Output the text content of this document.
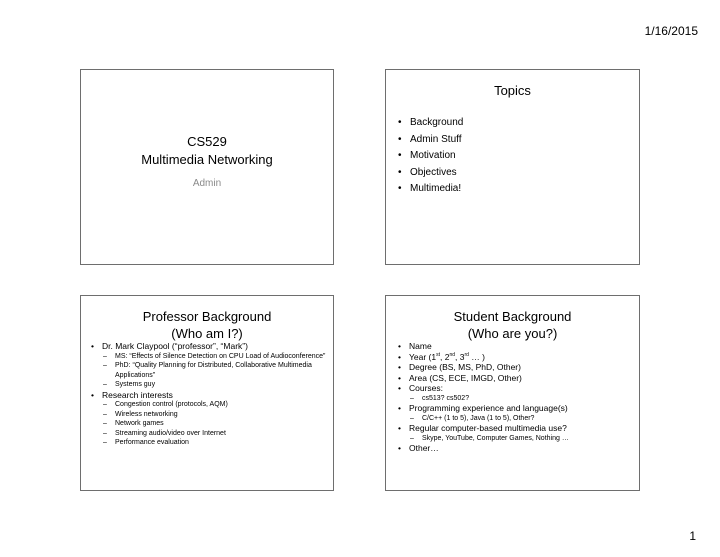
1/16/2015
CS529
Multimedia Networking
Admin
Topics
• Background
• Admin Stuff
• Motivation
• Objectives
• Multimedia!
Professor Background
(Who am I?)
• Dr. Mark Claypool (“professor”, “Mark”)
– MS: “Effects of Silence Detection on CPU Load of Audioconference”
– PhD: “Quality Planning for Distributed, Collaborative Multimedia Applications”
– Systems guy
• Research interests
– Congestion control (protocols, AQM)
– Wireless networking
– Network games
– Streaming audio/video over Internet
– Performance evaluation
Student Background
(Who are you?)
• Name
• Year (1st, 2nd, 3rd … )
• Degree (BS, MS, PhD, Other)
• Area (CS, ECE, IMGD, Other)
• Courses:
– cs513? cs502?
• Programming experience and language(s)
– C/C++ (1 to 5), Java (1 to 5), Other?
• Regular computer-based multimedia use?
– Skype, YouTube, Computer Games, Nothing …
• Other…
1
